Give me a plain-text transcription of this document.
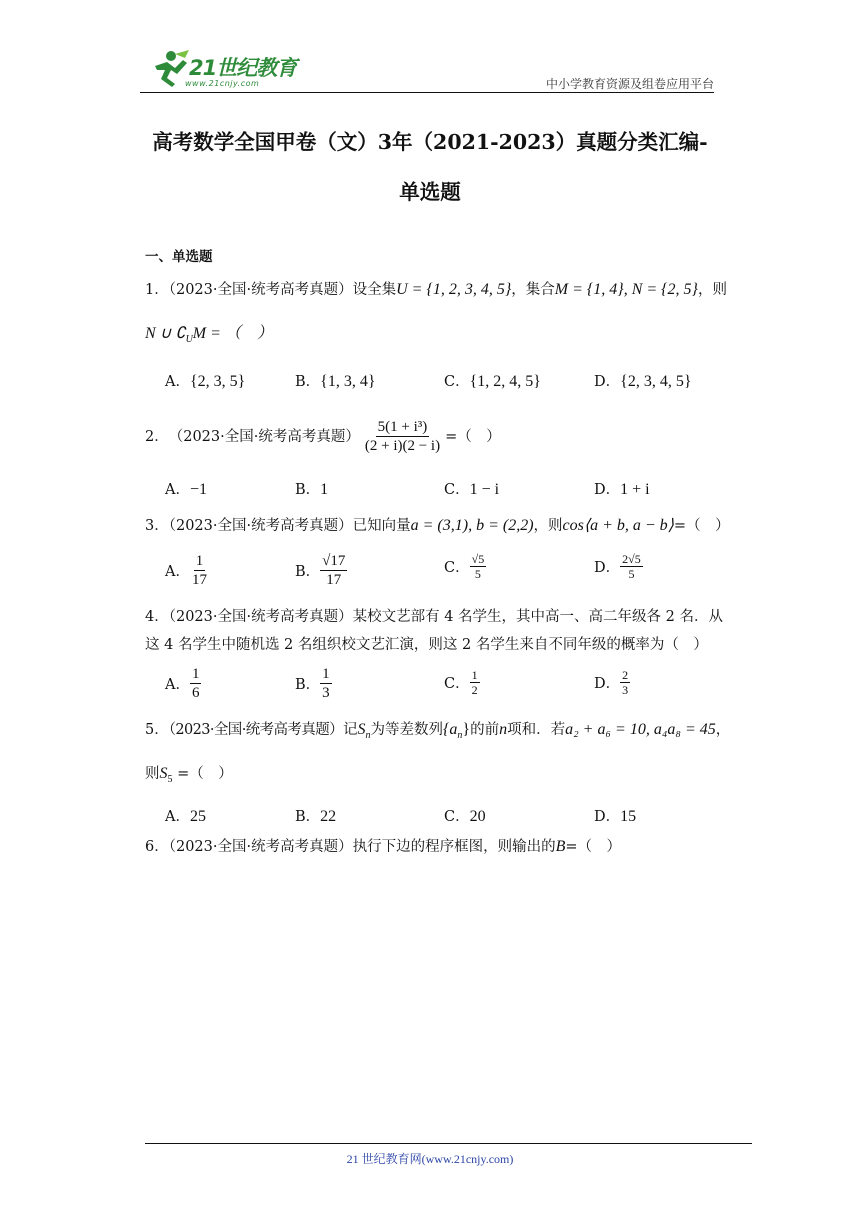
21世纪教育
www.21cnjy.com	中小学教育资源及组卷应用平台
高考数学全国甲卷（文）3年（2021-2023）真题分类汇编-
单选题
一、单选题
1．（2023·全国·统考高考真题）设全集U = {1, 2, 3, 4, 5}，集合M = {1, 4}, N = {2, 5}，则
N ∪ $∁_UM$ = （　）
A．{2, 3, 5}	B．{1, 3, 4}	C．{1, 2, 4, 5}	D．{2, 3, 4, 5}
2． （2023·全国·统考高考真题） $\frac{\text{5(1 + i³)}}{(2 + i)(2 - i)}$ =（　）
A．−1	B．1	C．1 − i	D．1 + i
3．（2023·全国·统考高考真题）已知向量a = (3,1), b = (2,2)，则cos⟨a + b, a − b⟩=（　）
A． $\frac{1}{17}$	B． $\frac{√17}{17}$	C． $\frac{√5}{5}$	D． $\frac{2√5}{5}$
4．（2023·全国·统考高考真题）某校文艺部有 4 名学生，其中高一、高二年级各 2 名．从
这 4 名学生中随机选 2 名组织校文艺汇演，则这 2 名学生来自不同年级的概率为（　）
A． $\frac{1}{6}$	B． $\frac{1}{3}$	C． $\frac{1}{2}$	D． $\frac{2}{3}$
5．（2023·全国·统考高考真题）记$S_n$为等差数列$\{a_n\}$的前n项和．若a₂ + a₆ = 10, a₄a₈ = 45，
则$S_5$ =（　）
A．25	B．22	C．20	D．15
6．（2023·全国·统考高考真题）执行下边的程序框图，则输出的B=（　）
21 世纪教育网(www.21cnjy.com)
